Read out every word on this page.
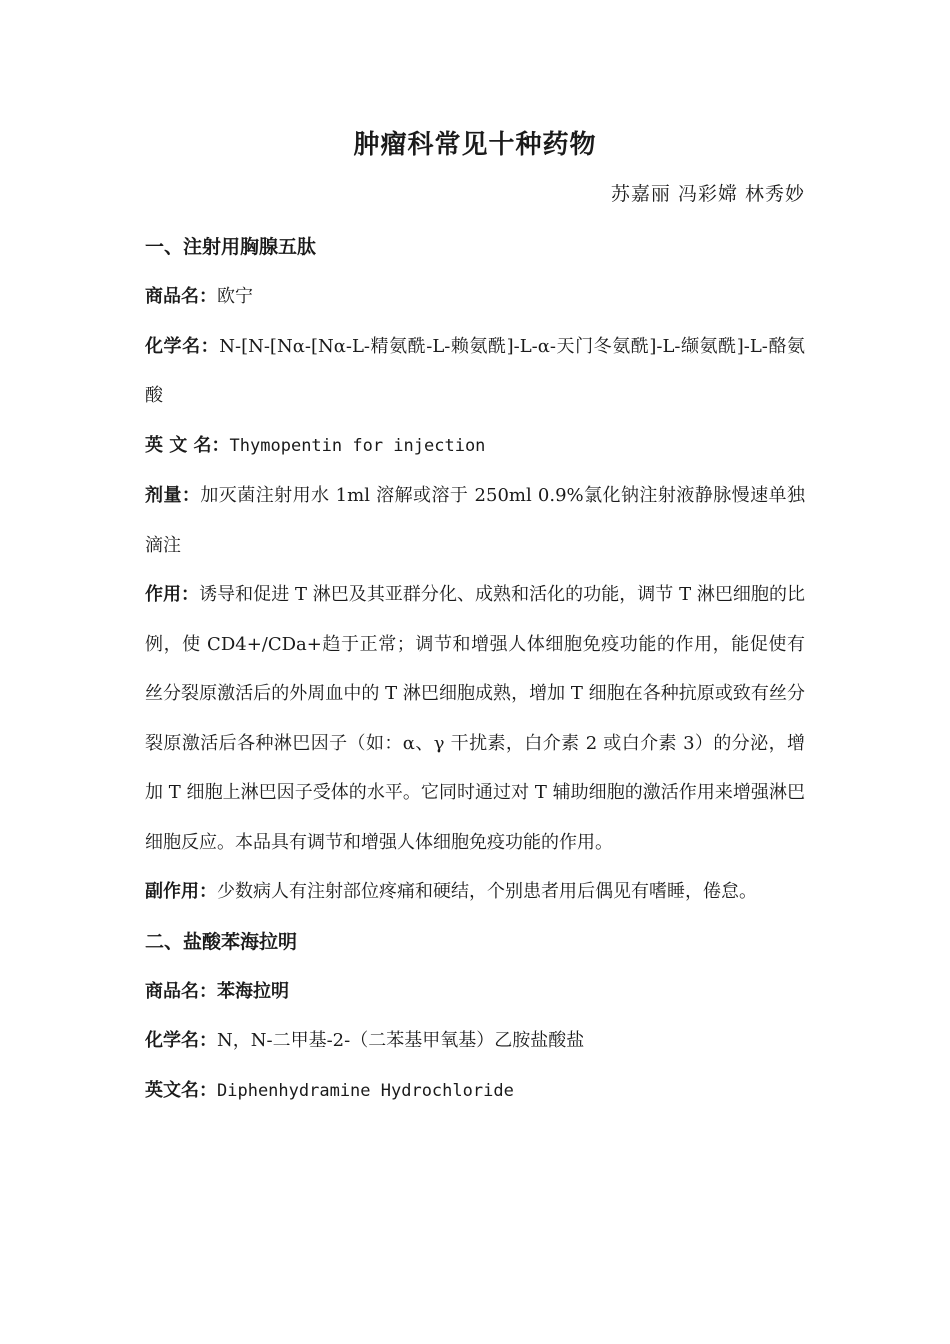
肿瘤科常见十种药物

苏嘉丽 冯彩嫦 林秀妙

一、注射用胸腺五肽

商品名：欧宁

化学名：N-[N-[Nα-[Nα-L-精氨酰-L-赖氨酰]-L-α-天门冬氨酰]-L-缬氨酰]-L-酪氨酸

英 文 名：Thymopentin for injection

剂量：加灭菌注射用水 1ml 溶解或溶于 250ml 0.9%氯化钠注射液静脉慢速单独滴注

作用：诱导和促进 T 淋巴及其亚群分化、成熟和活化的功能，调节 T 淋巴细胞的比例，使 CD4+/CDa+趋于正常；调节和增强人体细胞免疫功能的作用，能促使有丝分裂原激活后的外周血中的 T 淋巴细胞成熟，增加 T 细胞在各种抗原或致有丝分裂原激活后各种淋巴因子（如：α、γ 干扰素，白介素 2 或白介素 3）的分泌，增加 T 细胞上淋巴因子受体的水平。它同时通过对 T 辅助细胞的激活作用来增强淋巴细胞反应。本品具有调节和增强人体细胞免疫功能的作用。

副作用：少数病人有注射部位疼痛和硬结，个别患者用后偶见有嗜睡，倦怠。

二、盐酸苯海拉明

商品名：苯海拉明

化学名：N，N-二甲基-2-（二苯基甲氧基）乙胺盐酸盐

英文名：Diphenhydramine Hydrochloride
